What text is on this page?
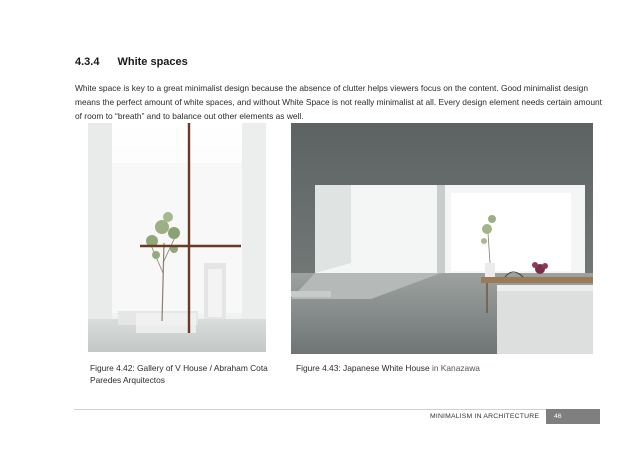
4.3.4 White spaces

White space is key to a great minimalist design because the absence of clutter helps viewers focus on the content. Good minimalist design means the perfect amount of white spaces, and without White Space is not really minimalist at all. Every design element needs certain amount of room to “breath” and to balance out other elements as well.

Figure 4.42: Gallery of V House / Abraham Cota Paredes Arquitectos
Figure 4.43: Japanese White House in Kanazawa
MINIMALISM IN ARCHITECTURE 46
